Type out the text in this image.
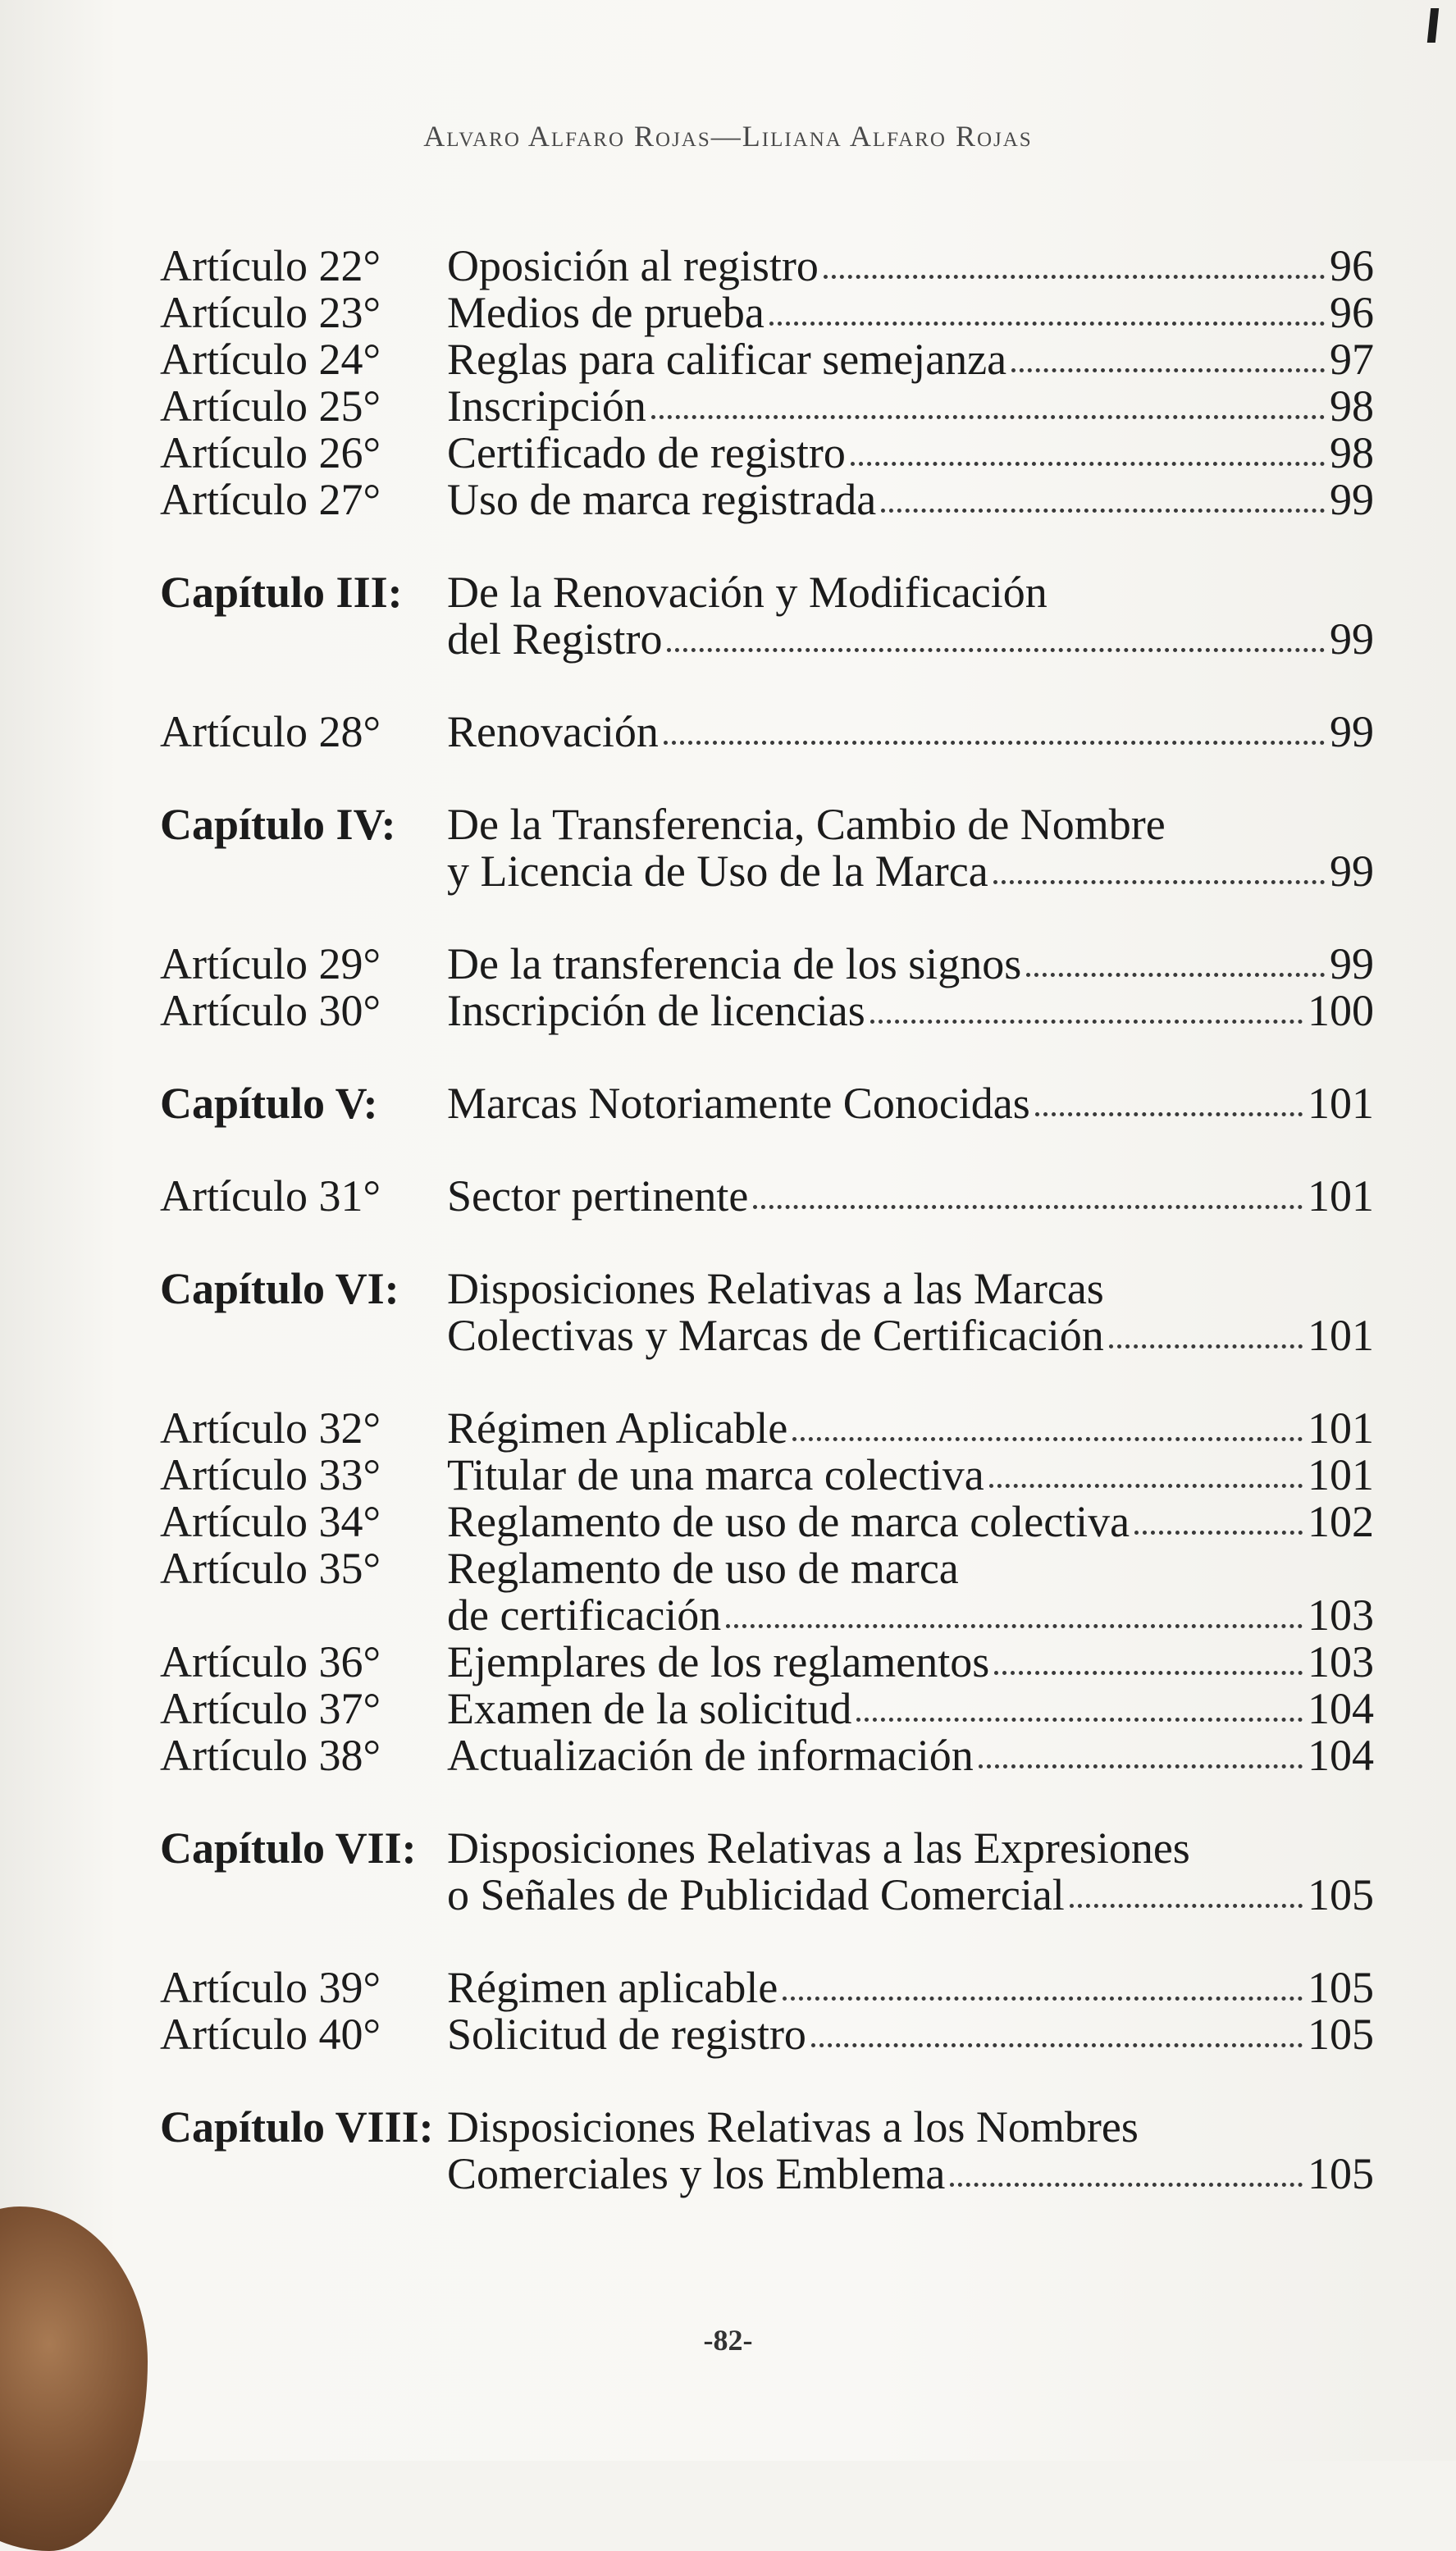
Alvaro Alfaro Rojas—Liliana Alfaro Rojas
Artículo 22°	Oposición al registro	96
Artículo 23°	Medios de prueba	96
Artículo 24°	Reglas para calificar semejanza	97
Artículo 25°	Inscripción	98
Artículo 26°	Certificado de registro	98
Artículo 27°	Uso de marca registrada	99
Capítulo III:	De la Renovación y Modificación
del Registro	99
Artículo 28°	Renovación	99
Capítulo IV:	De la Transferencia, Cambio de Nombre
y Licencia de Uso de la Marca	99
Artículo 29°	De la transferencia de los signos	99
Artículo 30°	Inscripción de licencias	100
Capítulo V:	Marcas Notoriamente Conocidas	101
Artículo 31°	Sector pertinente	101
Capítulo VI:	Disposiciones Relativas a las Marcas
Colectivas y Marcas de Certificación	101
Artículo 32°	Régimen Aplicable	101
Artículo 33°	Titular de una marca colectiva	101
Artículo 34°	Reglamento de uso de marca colectiva	102
Artículo 35°	Reglamento de uso de marca
de certificación	103
Artículo 36°	Ejemplares de los reglamentos	103
Artículo 37°	Examen de la solicitud	104
Artículo 38°	Actualización de información	104
Capítulo VII: Disposiciones Relativas a las Expresiones
o Señales de Publicidad Comercial	105
Artículo 39°	Régimen aplicable	105
Artículo 40°	Solicitud de registro	105
Capítulo VIII: Disposiciones Relativas a los Nombres
Comerciales y los Emblema	105
-82-
